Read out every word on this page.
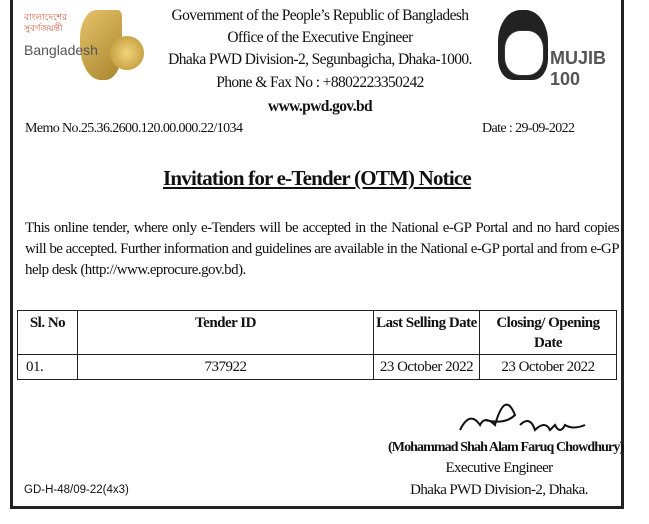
বাংলাদেশের সুবর্ণজয়ন্তী
Bangladesh
Government of the People’s Republic of Bangladesh
Office of the Executive Engineer
Dhaka PWD Division-2, Segunbagicha, Dhaka-1000.
Phone & Fax No : +8802223350242
www.pwd.gov.bd
MUJIB 100
Memo No.25.36.2600.120.00.000.22/1034	Date : 29-09-2022
Invitation for e-Tender (OTM) Notice
This online tender, where only e-Tenders will be accepted in the National e-GP Portal and no hard copies will be accepted. Further information and guidelines are available in the National e-GP portal and from e-GP help desk (http://www.eprocure.gov.bd).
Sl. No	Tender ID	Last Selling Date	Closing/ Opening Date
01.	737922	23 October 2022	23 October 2022
(Mohammad Shah Alam Faruq Chowdhury)
Executive Engineer
Dhaka PWD Division-2, Dhaka.
GD-H-48/09-22(4x3)
